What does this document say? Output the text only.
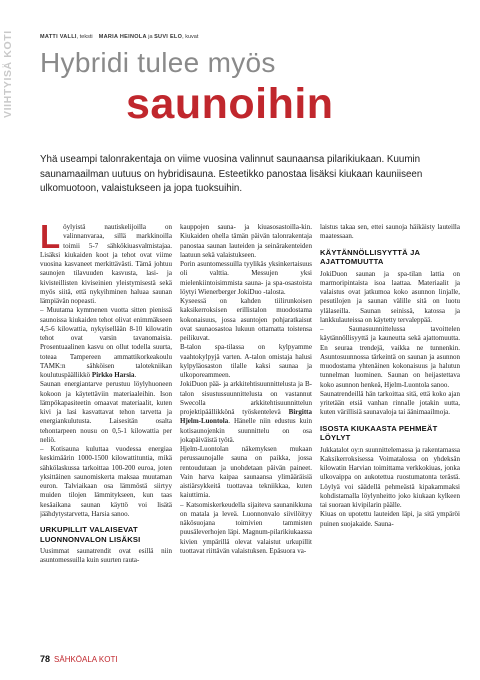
VIIHTYISÄ KOTI	MATTI VALLI, teksti MARIA HEINOLA ja SUVI ELO, kuvat
Hybridi tulee myös
saunoihin

Yhä useampi talonrakentaja on viime vuosina valinnut saunaansa pilarikiukaan. Kuumin saunamaailman uutuus on hybridisauna. Esteetikko panostaa lisäksi kiukaan kauniiseen ulkomuotoon, valaistukseen ja jopa tuoksuihin.

Löylyistä nautiskelijoilla on valinnanvaraa, sillä markkinoilla toimii 5-7 sähkökiuasvalmistajaa. Lisäksi kiukaiden koot ja tehot ovat viime vuosina kasvaneet merkittävästi. Tämä johtuu saunojen tilavuuden kasvusta, lasi- ja kivisteillisten kiviseinien yleistymisestä sekä myös siitä, että nykyihminen haluaa saunan lämpiävän nopeasti.

– Muutama kymmenen vuotta sitten pienissä saunoissa kiukaiden tehot olivat enimmäkseen 4,5-6 kilowattia, nykyisellään 8-10 kilowatin tehot ovat varsin tavanomaisia. Prosentuaalinen kasvu on ollut todella suurta, toteaa Tampereen ammattikorkeakoulu TAMK:n sähköisen talotekniikan koulutuspäällikkö Pirkko Harsia.

Saunan energiantarve perustuu löylyhuoneen kokoon ja käytettäviin materiaaleihin. Ison lämpökapasiteetin omaavat materiaalit, kuten kivi ja lasi kasvattavat tehon tarvetta ja energiankulutusta. Laisesitän osalta tehontarpeen nousu on 0,5-1 kilowattia per neliö.

– Kotisauna kuluttaa vuodessa energiaa keskimäärin 1000-1500 kilowattituntia, mikä sähkölaskussa tarkoittaa 100-200 euroa, joten yksittäinen saunomiskerta maksaa muutaman euron. Talviaikaan osa lämmöstä siirtyy muiden tilojen lämmitykseen, kun taas kesäaikana saunan käyttö voi lisätä jäähdytystarvetta, Harsia sanoo.

URKUPILLIT VALAISEVAT LUONNONVALON LISÄKSI

Uusimmat saunatrendit ovat esillä niin asuntomessuilla kuin suurten rauta-

kauppojen sauna- ja kiuasosastoilla-kin. Kiukaiden ohella tämän päivän talonrakentaja panostaa saunan lauteiden ja seinärakenteiden laatuun sekä valaistukseen.

Porin asuntomessuilla tyylikäs yksinkertaisuus oli valttia. Messujen yksi mielenkiintoisimmista sauna- ja spa-osastoista löytyi Wienerberger JokiDuo -talosta.

Kyseessä on kahden tiilirunkoisen kaksikerroksisen erillistalon muodostama kokonaisuus, jossa asuntojen pohjaratkaisut ovat saunaosastoa lukuun ottamatta toistensa peilikuvat.

B-talon spa-tilassa on kylpyamme vaahtokylpyjä varten. A-talon omistaja halusi kylpyläosaston tilalle kaksi saunaa ja ulkoporeammeen.

JokiDuon pää- ja arkkitehtisuunnittelusta ja B-talon sisustussuunnittelusta on vastannut Swecolla arkkitehtisuunnittelun projektipäällikkönä työskentelevä Birgitta Hjelm-Luontola. Hänelle niin edustus kuin kotisaunojenkin suunnittelu on osa jokapäiväistä työtä.

Hjelm-Luontolan näkemyksen mukaan perussaunojalle sauna on paikka, jossa rentoudutaan ja unohdetaan päivän paineet. Vain harva kaipaa saunaansa ylimääräisiä aistiärsykkeitä tuottavaa tekniikkaa, kuten kaiuttimia.

– Katsomiskerkeudella sijaiteva saunanikkuna on matala ja leveä. Luonnonvalo siivilöityy näkösuojana toimivien tammisten puusäleverhojen läpi. Magnum-pilarikiukaassa kivien ympärillä olevat valaistut urkupillit tuottavat riittävän valaistuksen. Epäsuora va-

laistus takaa sen, ettei saunoja häikäisty lauteilla maatessaan.

KÄYTÄNNÖLLISYYTTÄ JA AJATTOMUUTTA

JokiDuon saunan ja spa-tilan lattia on marmoripintaista isoa laattaa. Materiaalit ja valaistus ovat jatkumoa koko asunnon linjalle, pesutilojen ja saunan välille sitä on luotu ylälaseilla. Saunan seinissä, katossa ja lankkulauteissa on käytetty tervaleppää.

– Saunasuunnittelussa tavoittelen käytännöllisyyttä ja kauneutta sekä ajattomuutta. En seuraa trendejä, vaikka ne tunnenkin. Asuntosuunnossa tärkeintä on saunan ja asunnon muodostama yhtenäinen kokonaisuus ja halutun tunnelman luominen. Saunan on heijastettava koko asunnon henkeä, Hjelm-Luontola sanoo.

Saunatrendeillä hän tarkoittaa sitä, että koko ajan yritetään etsiä vanhan rinnalle jotakin uutta, kuten värillisiä saunavaloja tai äänimaailmoja.

ISOSTA KIUKAASTA PEHMEÄT LÖYLYT

Jukkatalot oy:n suunnittelemassa ja rakentamassa Kaksikerroksisessa Voimatalossa on yhdeksän kilowatin Harvian toimittama verkkokiuas, jonka ulkovaippa on aukotettua ruostumatonta terästä. Löylyä voi säädellä pehmeästä kipakammaksi kohdistamalla löylynheitto joko kiukaan kylkeen tai suoraan kivipilarin päälle.

Kiuas on upotettu lauteiden läpi, ja sitä ympäröi puinen suojakaide. Sauna-

78 SÄHKÖALA KOTI
